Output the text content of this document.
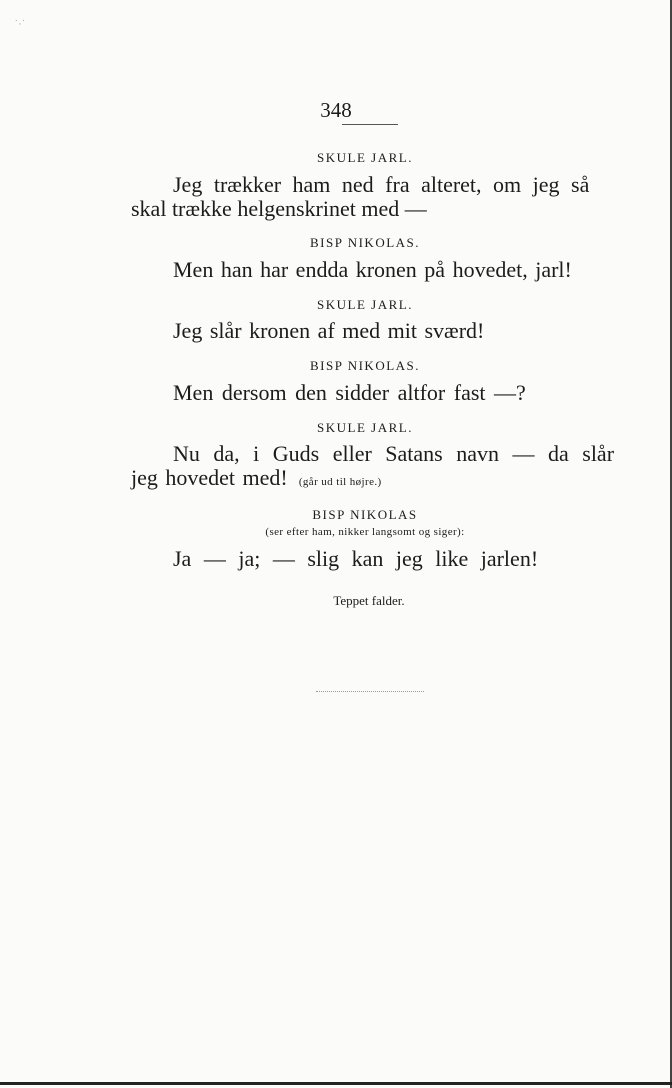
˙·˙
348
SKULE JARL.
Jeg trækker ham ned fra alteret, om jeg så
skal trække helgenskrinet med —
BISP NIKOLAS.
Men han har endda kronen på hovedet, jarl!
SKULE JARL.
Jeg slår kronen af med mit sværd!
BISP NIKOLAS.
Men dersom den sidder altfor fast —?
SKULE JARL.
Nu da, i Guds eller Satans navn — da slår
jeg hovedet med! (går ud til højre.)
BISP NIKOLAS
(ser efter ham, nikker langsomt og siger):
Ja — ja; — slig kan jeg like jarlen!
Teppet falder.
